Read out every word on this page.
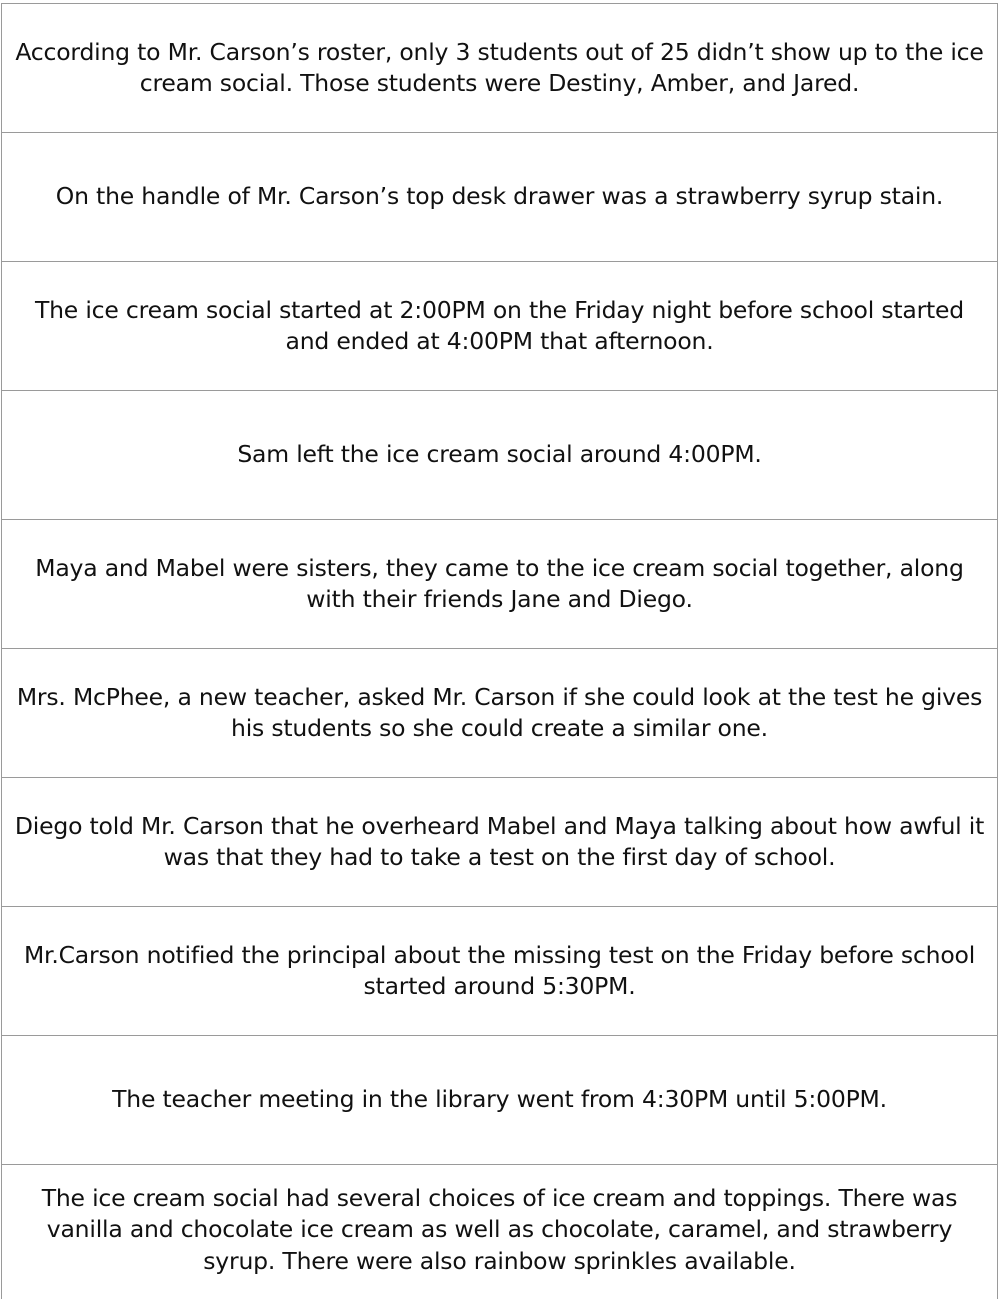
According to Mr. Carson’s roster, only 3 students out of 25 didn’t show up to the ice cream social. Those students were Destiny, Amber, and Jared.
On the handle of Mr. Carson’s top desk drawer was a strawberry syrup stain.
The ice cream social started at 2:00PM on the Friday night before school started and ended at 4:00PM that afternoon.
Sam left the ice cream social around 4:00PM.
Maya and Mabel were sisters, they came to the ice cream social together, along with their friends Jane and Diego.
Mrs. McPhee, a new teacher, asked Mr. Carson if she could look at the test he gives his students so she could create a similar one.
Diego told Mr. Carson that he overheard Mabel and Maya talking about how awful it was that they had to take a test on the first day of school.
Mr.Carson notified the principal about the missing test on the Friday before school started around 5:30PM.
The teacher meeting in the library went from 4:30PM until 5:00PM.
The ice cream social had several choices of ice cream and toppings. There was vanilla and chocolate ice cream as well as chocolate, caramel, and strawberry syrup. There were also rainbow sprinkles available.
